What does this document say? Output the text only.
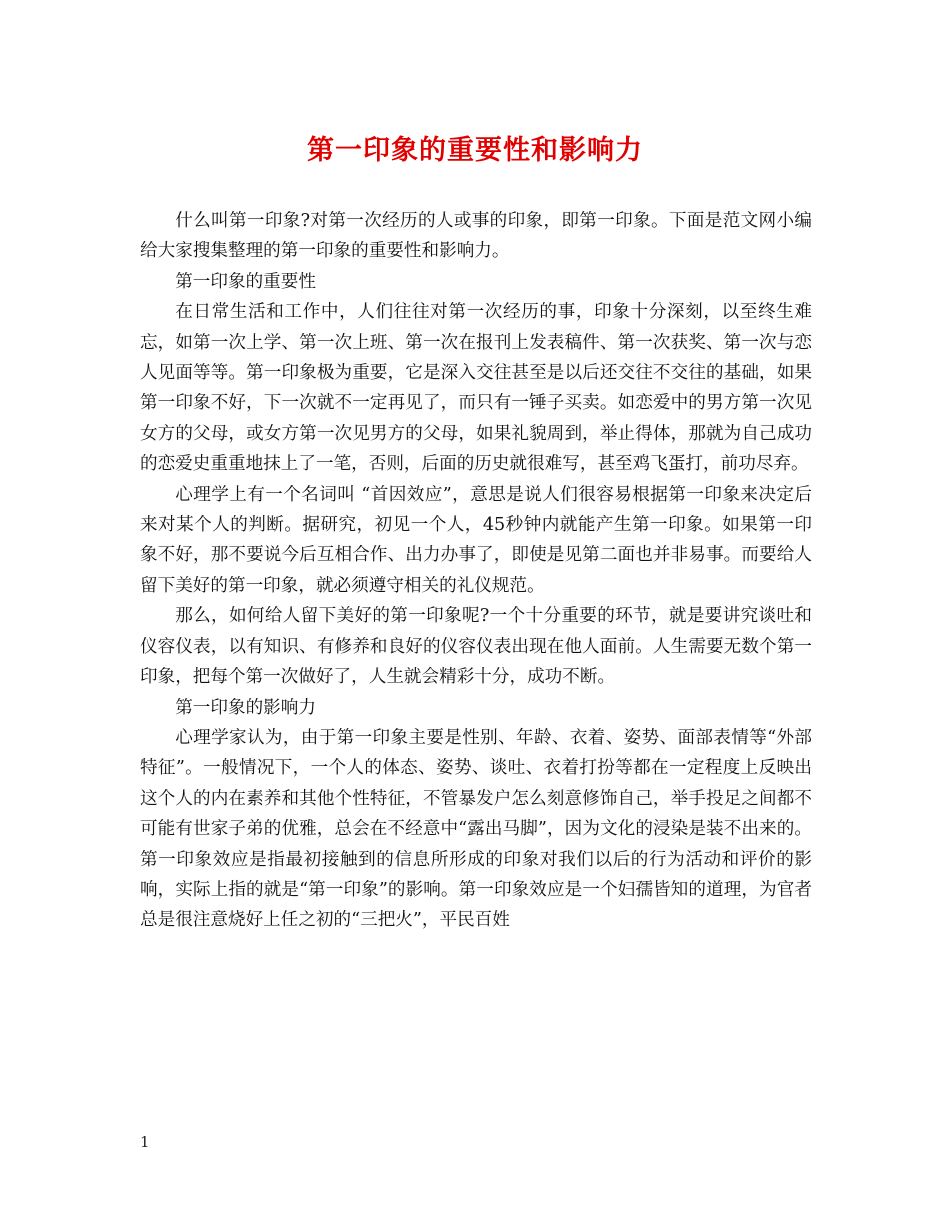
第一印象的重要性和影响力

什么叫第一印象?对第一次经历的人或事的印象，即第一印象。下面是范文网小编给大家搜集整理的第一印象的重要性和影响力。

第一印象的重要性

在日常生活和工作中，人们往往对第一次经历的事，印象十分深刻，以至终生难忘，如第一次上学、第一次上班、第一次在报刊上发表稿件、第一次获奖、第一次与恋人见面等等。第一印象极为重要，它是深入交往甚至是以后还交往不交往的基础，如果第一印象不好，下一次就不一定再见了，而只有一锤子买卖。如恋爱中的男方第一次见女方的父母，或女方第一次见男方的父母，如果礼貌周到，举止得体，那就为自己成功的恋爱史重重地抹上了一笔，否则，后面的历史就很难写，甚至鸡飞蛋打，前功尽弃。

心理学上有一个名词叫 “首因效应”，意思是说人们很容易根据第一印象来决定后来对某个人的判断。据研究，初见一个人，45秒钟内就能产生第一印象。如果第一印象不好，那不要说今后互相合作、出力办事了，即使是见第二面也并非易事。而要给人留下美好的第一印象，就必须遵守相关的礼仪规范。

那么，如何给人留下美好的第一印象呢?一个十分重要的环节，就是要讲究谈吐和仪容仪表，以有知识、有修养和良好的仪容仪表出现在他人面前。人生需要无数个第一印象，把每个第一次做好了，人生就会精彩十分，成功不断。

第一印象的影响力

心理学家认为，由于第一印象主要是性别、年龄、衣着、姿势、面部表情等“外部特征”。一般情况下，一个人的体态、姿势、谈吐、衣着打扮等都在一定程度上反映出这个人的内在素养和其他个性特征，不管暴发户怎么刻意修饰自己，举手投足之间都不可能有世家子弟的优雅，总会在不经意中“露出马脚”，因为文化的浸染是装不出来的。第一印象效应是指最初接触到的信息所形成的印象对我们以后的行为活动和评价的影响，实际上指的就是“第一印象”的影响。第一印象效应是一个妇孺皆知的道理，为官者总是很注意烧好上任之初的“三把火”，平民百姓

1
